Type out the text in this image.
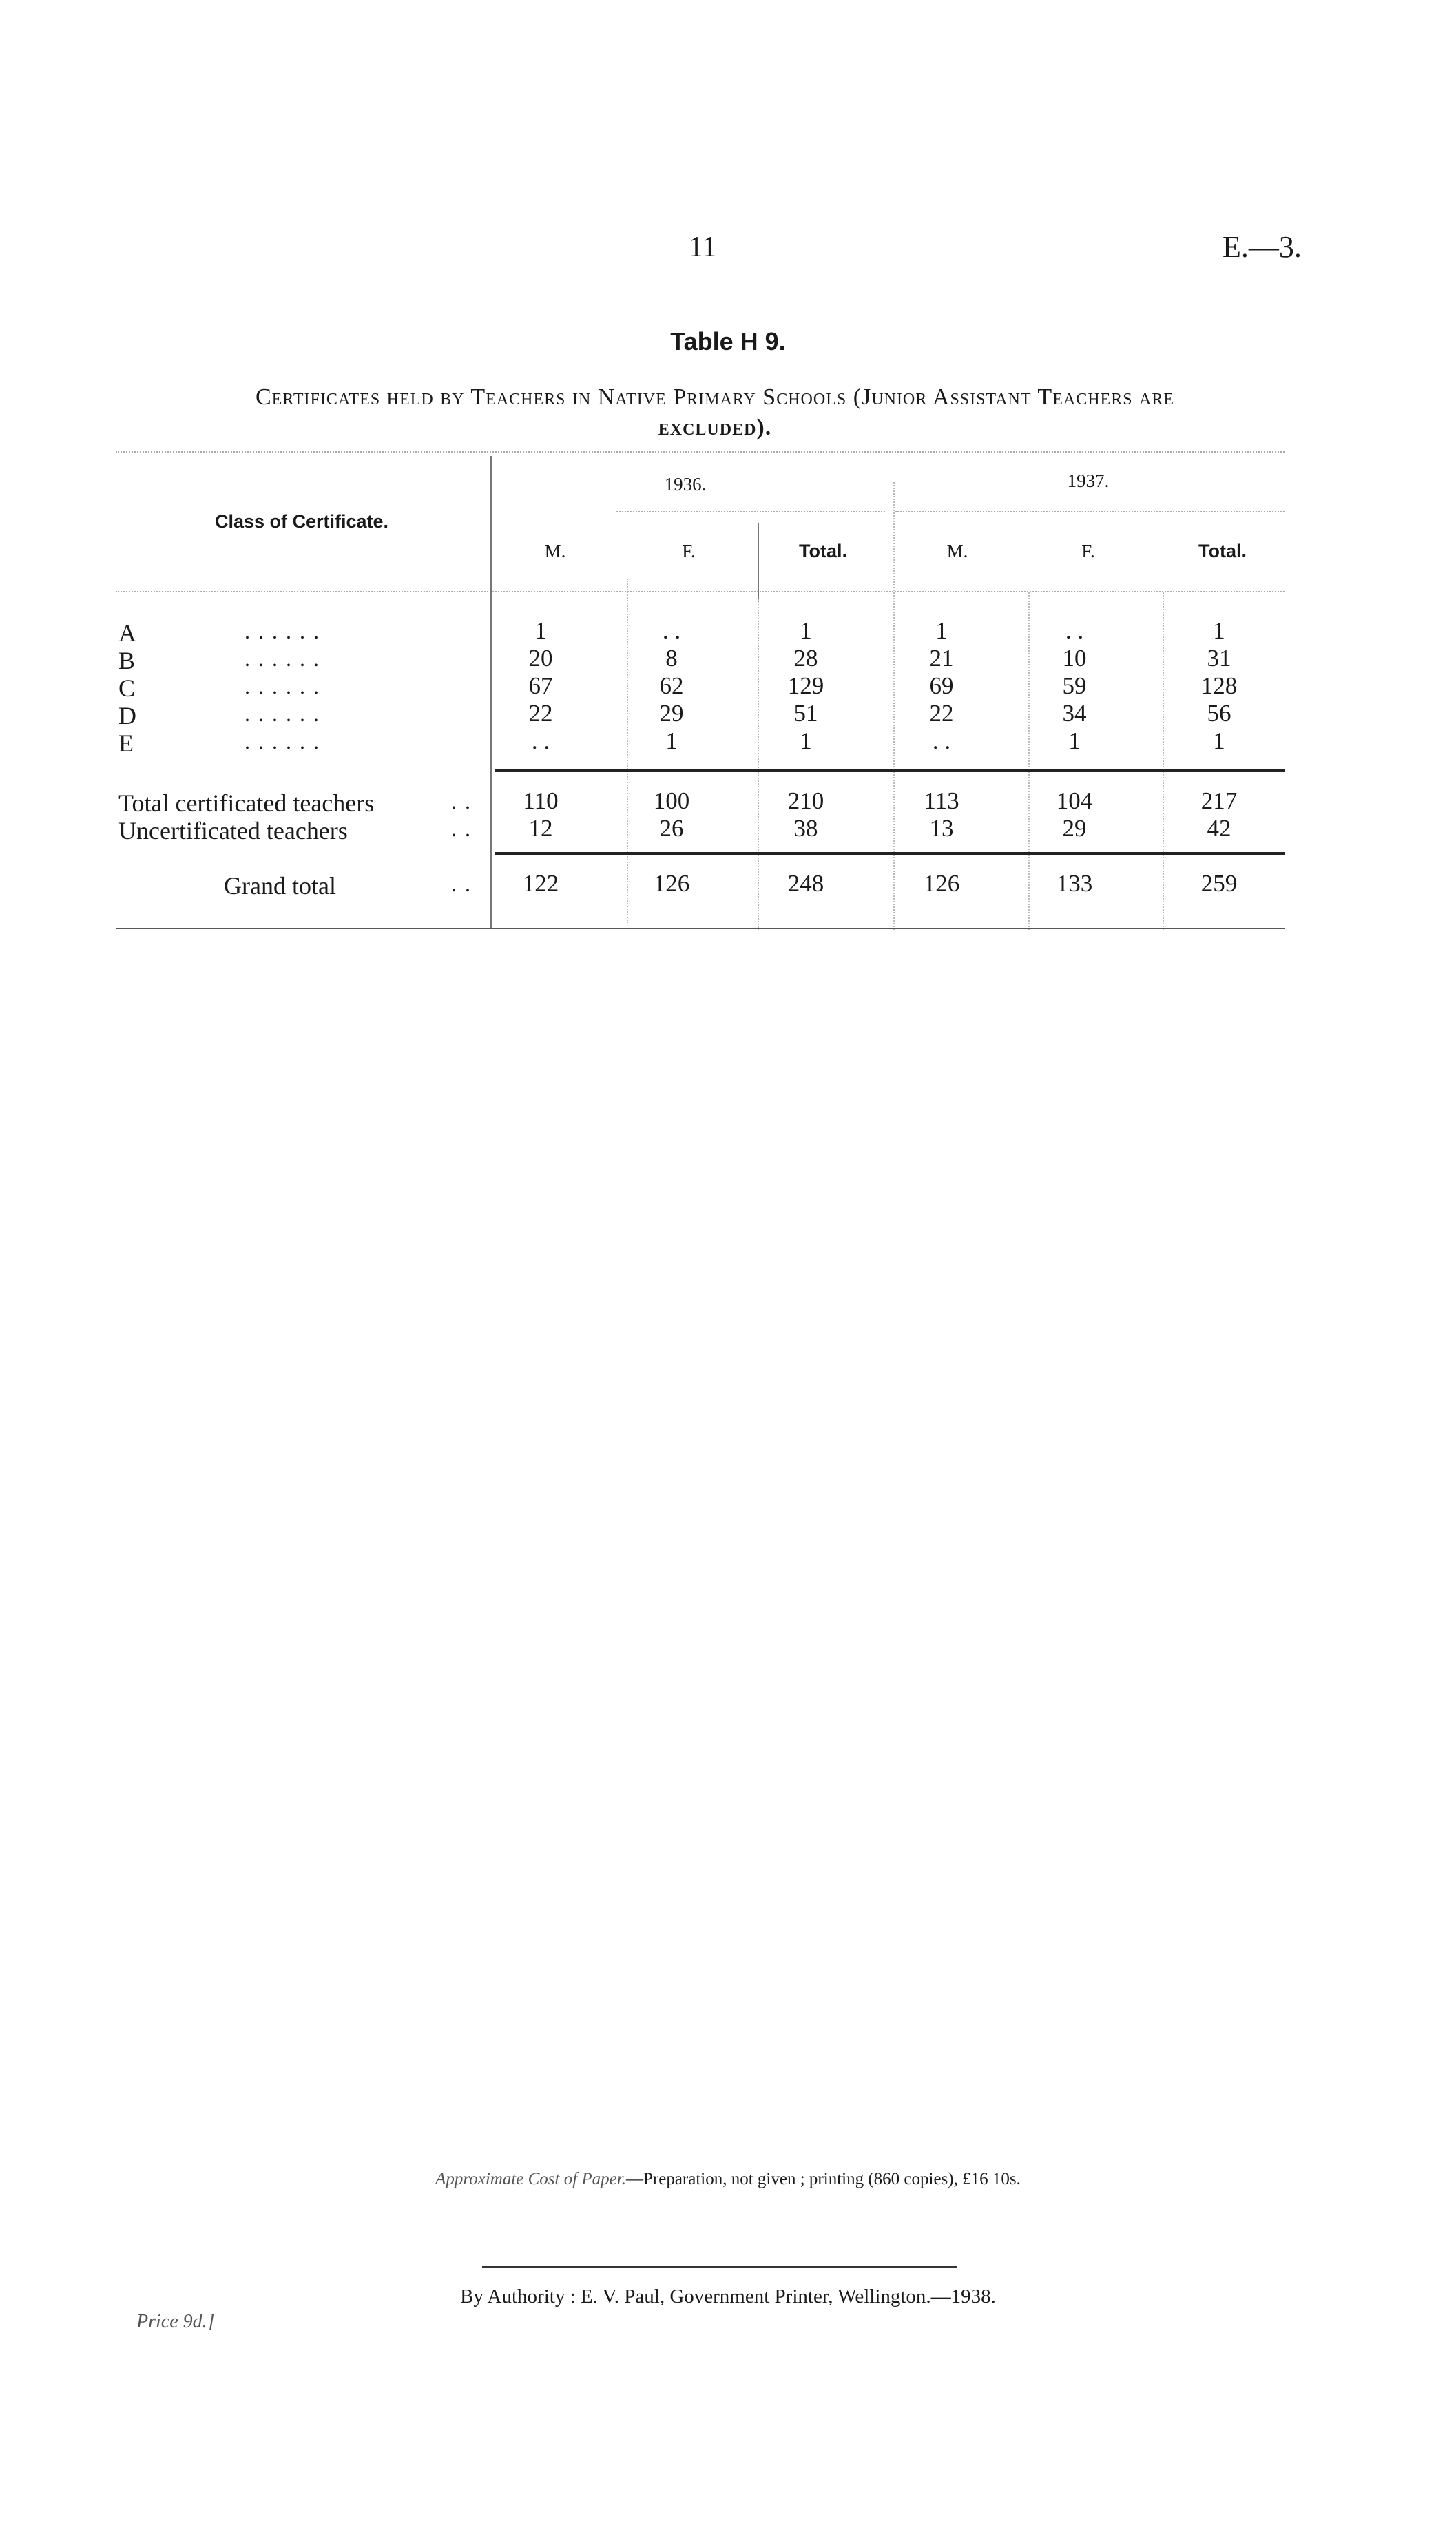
11	E.—3.
Table H 9.
Certificates held by Teachers in Native Primary Schools (Junior Assistant Teachers are
excluded).
Class of Certificate.
1936.	1937.
M.	F.	Total.	M.	F.	Total.
A	. . . . . .	1	. .	1	1	. .	1
B	. . . . . .	20	8	28	21	10	31
C	. . . . . .	67	62	129	69	59	128
D	. . . . . .	22	29	51	22	34	56
E	. . . . . .	. .	1	1	. .	1	1
Total certificated teachers	. .	110	100	210	113	104	217
Uncertificated teachers	. .	12	26	38	13	29	42
Grand total	. .	122	126	248	126	133	259
Approximate Cost of Paper.—Preparation, not given ; printing (860 copies), £16 10s.
By Authority : E. V. Paul, Government Printer, Wellington.—1938.
Price 9d.]
